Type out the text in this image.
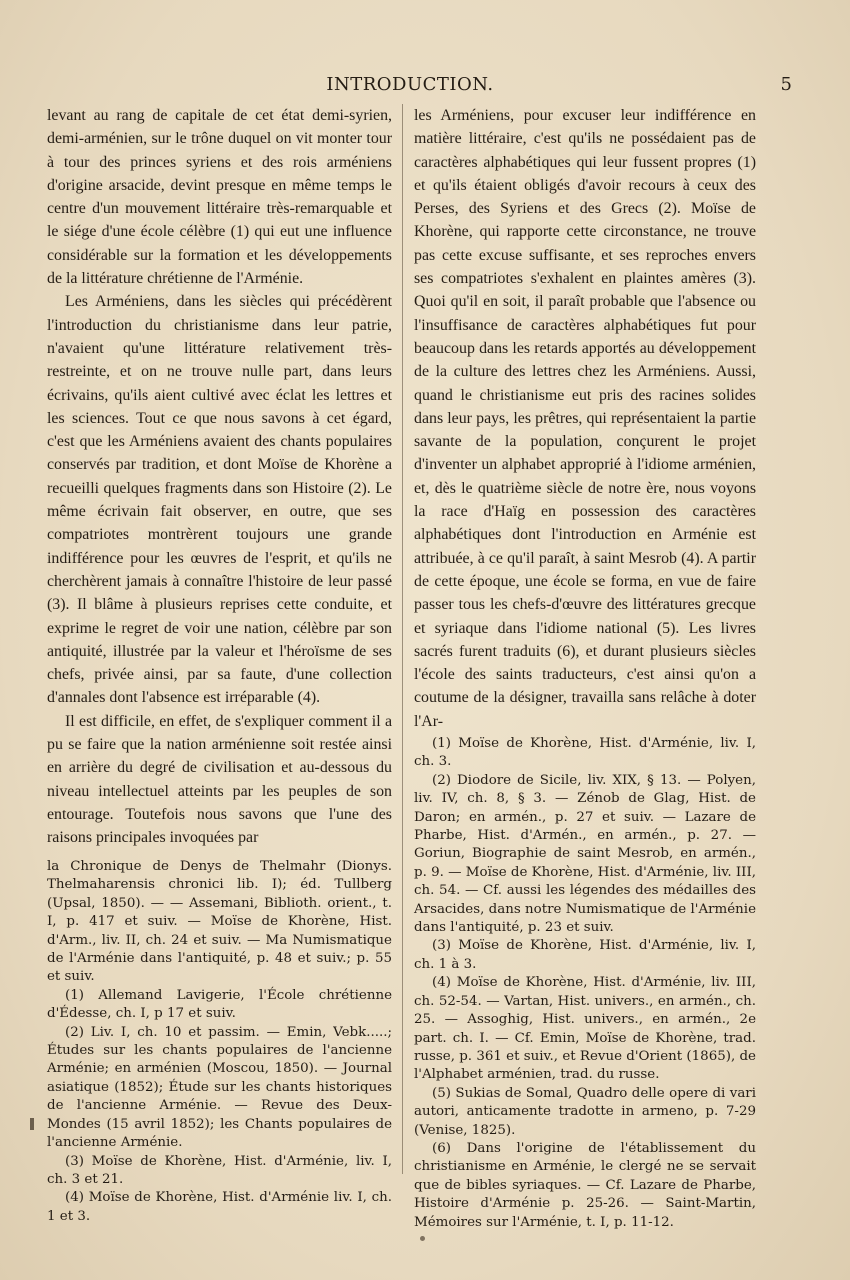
INTRODUCTION.	5

levant au rang de capitale de cet état demi-syrien, demi-arménien, sur le trône duquel on vit monter tour à tour des princes syriens et des rois arméniens d'origine arsacide, devint presque en même temps le centre d'un mouvement littéraire très-remarquable et le siége d'une école célèbre (1) qui eut une influence considérable sur la formation et les développements de la littérature chrétienne de l'Arménie.

Les Arméniens, dans les siècles qui précédèrent l'introduction du christianisme dans leur patrie, n'avaient qu'une littérature relativement très-restreinte, et on ne trouve nulle part, dans leurs écrivains, qu'ils aient cultivé avec éclat les lettres et les sciences. Tout ce que nous savons à cet égard, c'est que les Arméniens avaient des chants populaires conservés par tradition, et dont Moïse de Khorène a recueilli quelques fragments dans son Histoire (2). Le même écrivain fait observer, en outre, que ses compatriotes montrèrent toujours une grande indifférence pour les œuvres de l'esprit, et qu'ils ne cherchèrent jamais à connaître l'histoire de leur passé (3). Il blâme à plusieurs reprises cette conduite, et exprime le regret de voir une nation, célèbre par son antiquité, illustrée par la valeur et l'héroïsme de ses chefs, privée ainsi, par sa faute, d'une collection d'annales dont l'absence est irréparable (4).

Il est difficile, en effet, de s'expliquer comment il a pu se faire que la nation arménienne soit restée ainsi en arrière du degré de civilisation et au-dessous du niveau intellectuel atteints par les peuples de son entourage. Toutefois nous savons que l'une des raisons principales invoquées par

les Arméniens, pour excuser leur indifférence en matière littéraire, c'est qu'ils ne possédaient pas de caractères alphabétiques qui leur fussent propres (1) et qu'ils étaient obligés d'avoir recours à ceux des Perses, des Syriens et des Grecs (2). Moïse de Khorène, qui rapporte cette circonstance, ne trouve pas cette excuse suffisante, et ses reproches envers ses compatriotes s'exhalent en plaintes amères (3). Quoi qu'il en soit, il paraît probable que l'absence ou l'insuffisance de caractères alphabétiques fut pour beaucoup dans les retards apportés au développement de la culture des lettres chez les Arméniens. Aussi, quand le christianisme eut pris des racines solides dans leur pays, les prêtres, qui représentaient la partie savante de la population, conçurent le projet d'inventer un alphabet approprié à l'idiome arménien, et, dès le quatrième siècle de notre ère, nous voyons la race d'Haïg en possession des caractères alphabétiques dont l'introduction en Arménie est attribuée, à ce qu'il paraît, à saint Mesrob (4). A partir de cette époque, une école se forma, en vue de faire passer tous les chefs-d'œuvre des littératures grecque et syriaque dans l'idiome national (5). Les livres sacrés furent traduits (6), et durant plusieurs siècles l'école des saints traducteurs, c'est ainsi qu'on a coutume de la désigner, travailla sans relâche à doter l'Ar-

la Chronique de Denys de Thelmahr (Dionys. Thelmaharensis chronici lib. I); éd. Tullberg (Upsal, 1850). — — Assemani, Biblioth. orient., t. I, p. 417 et suiv. — Moïse de Khorène, Hist. d'Arm., liv. II, ch. 24 et suiv. — Ma Numismatique de l'Arménie dans l'antiquité, p. 48 et suiv.; p. 55 et suiv.

(1) Allemand Lavigerie, l'École chrétienne d'Édesse, ch. I, p 17 et suiv.

(2) Liv. I, ch. 10 et passim. — Emin, Vebk.....; Études sur les chants populaires de l'ancienne Arménie; en arménien (Moscou, 1850). — Journal asiatique (1852); Étude sur les chants historiques de l'ancienne Arménie. — Revue des Deux-Mondes (15 avril 1852); les Chants populaires de l'ancienne Arménie.

(3) Moïse de Khorène, Hist. d'Arménie, liv. I, ch. 3 et 21.

(4) Moïse de Khorène, Hist. d'Arménie liv. I, ch. 1 et 3.

(1) Moïse de Khorène, Hist. d'Arménie, liv. I, ch. 3.

(2) Diodore de Sicile, liv. XIX, § 13. — Polyen, liv. IV, ch. 8, § 3. — Zénob de Glag, Hist. de Daron; en armén., p. 27 et suiv. — Lazare de Pharbe, Hist. d'Armén., en armén., p. 27. — Goriun, Biographie de saint Mesrob, en armén., p. 9. — Moïse de Khorène, Hist. d'Arménie, liv. III, ch. 54. — Cf. aussi les légendes des médailles des Arsacides, dans notre Numismatique de l'Arménie dans l'antiquité, p. 23 et suiv.

(3) Moïse de Khorène, Hist. d'Arménie, liv. I, ch. 1 à 3.

(4) Moïse de Khorène, Hist. d'Arménie, liv. III, ch. 52-54. — Vartan, Hist. univers., en armén., ch. 25. — Assoghig, Hist. univers., en armén., 2e part. ch. I. — Cf. Emin, Moïse de Khorène, trad. russe, p. 361 et suiv., et Revue d'Orient (1865), de l'Alphabet arménien, trad. du russe.

(5) Sukias de Somal, Quadro delle opere di vari autori, anticamente tradotte in armeno, p. 7-29 (Venise, 1825).

(6) Dans l'origine de l'établissement du christianisme en Arménie, le clergé ne se servait que de bibles syriaques. — Cf. Lazare de Pharbe, Histoire d'Arménie p. 25-26. — Saint-Martin, Mémoires sur l'Arménie, t. I, p. 11-12.
